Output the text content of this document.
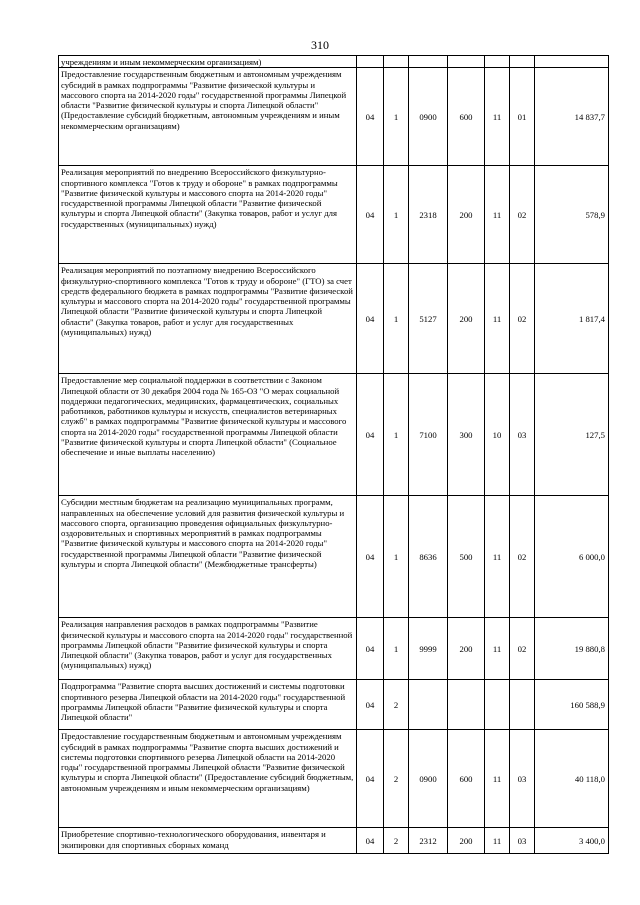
310
учреждениям и иным некоммерческим организациям)							
Предоставление государственным бюджетным и автономным учреждениям субсидий в рамках подпрограммы "Развитие физической культуры и массового спорта на 2014-2020 годы" государственной программы Липецкой области "Развитие физической культуры и спорта Липецкой области" (Предоставление субсидий бюджетным, автономным учреждениям и иным некоммерческим организациям)	04	1	0900	600	11	01	14 837,7
Реализация мероприятий по внедрению Всероссийского физкультурно-спортивного комплекса "Готов к труду и обороне" в рамках подпрограммы "Развитие физической культуры и массового спорта на 2014-2020 годы" государственной программы Липецкой области "Развитие физической культуры и спорта Липецкой области" (Закупка товаров, работ и услуг для государственных (муниципальных) нужд)	04	1	2318	200	11	02	578,9
Реализация мероприятий по поэтапному внедрению Всероссийского физкультурно-спортивного комплекса "Готов к труду и обороне" (ГТО) за счет средств федерального бюджета в рамках подпрограммы "Развитие физической культуры и массового спорта на 2014-2020 годы" государственной программы Липецкой области "Развитие физической культуры и спорта Липецкой области" (Закупка товаров, работ и услуг для государственных (муниципальных) нужд)	04	1	5127	200	11	02	1 817,4
Предоставление мер социальной поддержки в соответствии с Законом Липецкой области от 30 декабря 2004 года № 165-ОЗ "О мерах социальной поддержки педагогических, медицинских, фармацевтических, социальных работников, работников культуры и искусств, специалистов ветеринарных служб" в рамках подпрограммы "Развитие физической культуры и массового спорта на 2014-2020 годы" государственной программы Липецкой области "Развитие физической культуры и спорта Липецкой области" (Социальное обеспечение и иные выплаты населению)	04	1	7100	300	10	03	127,5
Субсидии местным бюджетам на реализацию муниципальных программ, направленных на обеспечение условий для развития физической культуры и массового спорта, организацию проведения официальных физкультурно-оздоровительных и спортивных мероприятий в рамках подпрограммы "Развитие физической культуры и массового спорта на 2014-2020 годы" государственной программы Липецкой области "Развитие физической культуры и спорта Липецкой области" (Межбюджетные трансферты)	04	1	8636	500	11	02	6 000,0
Реализация направления расходов в рамках подпрограммы "Развитие физической культуры и массового спорта на 2014-2020 годы" государственной программы Липецкой области "Развитие физической культуры и спорта Липецкой области" (Закупка товаров, работ и услуг для государственных (муниципальных) нужд)	04	1	9999	200	11	02	19 880,8
Подпрограмма "Развитие спорта высших достижений и системы подготовки спортивного резерва Липецкой области на 2014-2020 годы" государственной программы Липецкой области "Развитие физической культуры и спорта Липецкой области"	04	2					160 588,9
Предоставление государственным бюджетным и автономным учреждениям субсидий в рамках подпрограммы "Развитие спорта высших достижений и системы подготовки спортивного резерва Липецкой области на 2014-2020 годы" государственной программы Липецкой области "Развитие физической культуры и спорта Липецкой области" (Предоставление субсидий бюджетным, автономным учреждениям и иным некоммерческим организациям)	04	2	0900	600	11	03	40 118,0
Приобретение спортивно-технологического оборудования, инвентаря и экипировки для спортивных сборных команд	04	2	2312	200	11	03	3 400,0
